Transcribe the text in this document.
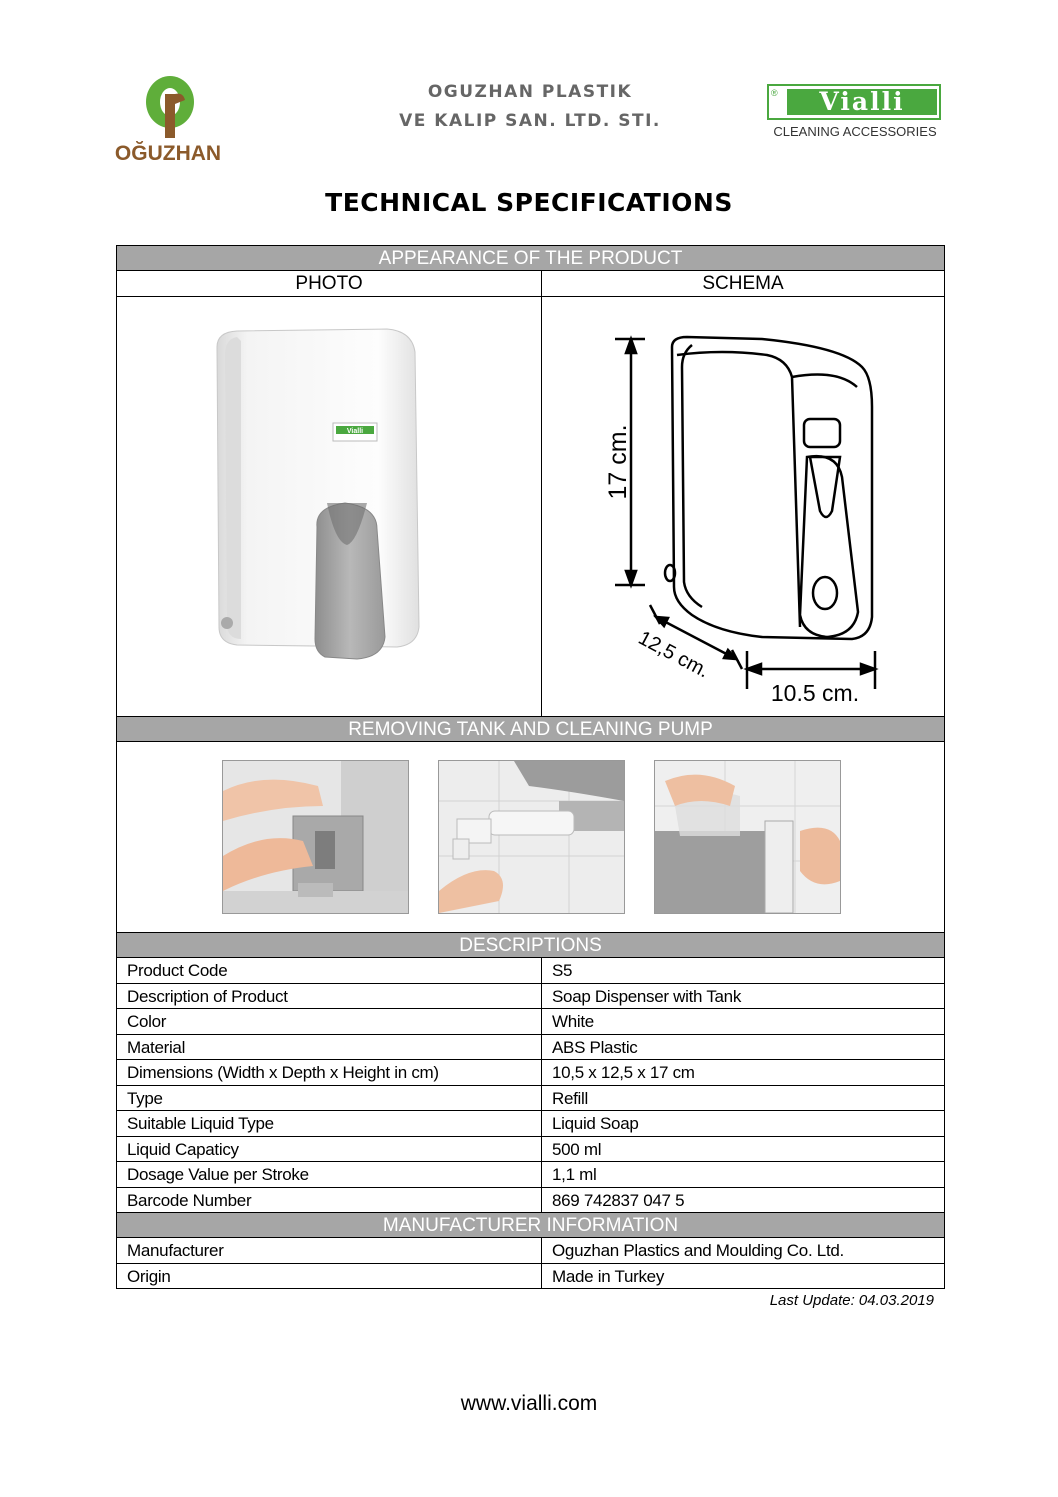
OĞUZHAN
OGUZHAN PLASTIK
VE KALIP SAN. LTD. STI.
Vialli
®
CLEANING ACCESSORIES
TECHNICAL SPECIFICATIONS
APPEARANCE OF THE PRODUCT
PHOTO	SCHEMA
Vialli	17 cm.
12,5 cm.
10.5 cm.
REMOVING TANK AND CLEANING PUMP
DESCRIPTIONS
Product Code	S5
Description of Product	Soap Dispenser with Tank
Color	White
Material	ABS Plastic
Dimensions (Width x Depth x Height in cm)	10,5 x 12,5 x 17 cm
Type	Refill
Suitable Liquid Type	Liquid Soap
Liquid Capaticy	500 ml
Dosage Value per Stroke	1,1 ml
Barcode Number	869 742837 047 5
MANUFACTURER INFORMATION
Manufacturer	Oguzhan Plastics and Moulding Co. Ltd.
Origin	Made in Turkey
Last Update: 04.03.2019
www.vialli.com
